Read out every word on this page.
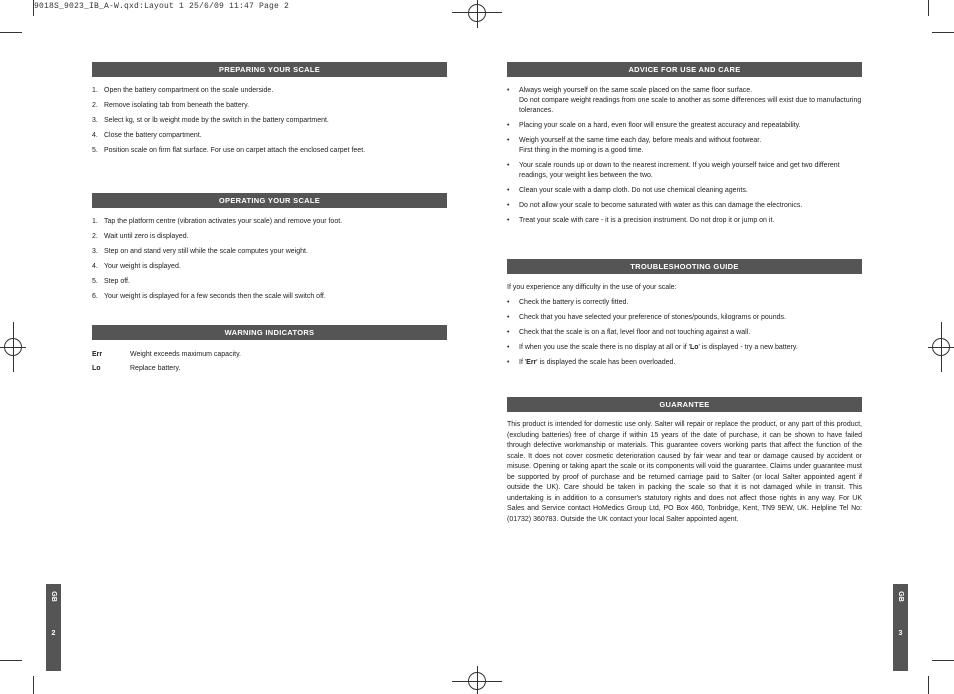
9018S_9023_IB_A-W.qxd:Layout 1 25/6/09 11:47 Page 2
PREPARING YOUR SCALE
1. Open the battery compartment on the scale underside.
2. Remove isolating tab from beneath the battery.
3. Select kg, st or lb weight mode by the switch in the battery compartment.
4. Close the battery compartment.
5. Position scale on firm flat surface. For use on carpet attach the enclosed carpet feet.
OPERATING YOUR SCALE
1. Tap the platform centre (vibration activates your scale) and remove your foot.
2. Wait until zero is displayed.
3. Step on and stand very still while the scale computes your weight.
4. Your weight is displayed.
5. Step off.
6. Your weight is displayed for a few seconds then the scale will switch off.
WARNING INDICATORS
Err	Weight exceeds maximum capacity.
Lo	Replace battery.
GB
2
ADVICE FOR USE AND CARE
• Always weigh yourself on the same scale placed on the same floor surface.
Do not compare weight readings from one scale to another as some differences will exist due to manufacturing tolerances.
• Placing your scale on a hard, even floor will ensure the greatest accuracy and repeatability.
• Weigh yourself at the same time each day, before meals and without footwear.
First thing in the morning is a good time.
• Your scale rounds up or down to the nearest increment. If you weigh yourself twice and get two different readings, your weight lies between the two.
• Clean your scale with a damp cloth. Do not use chemical cleaning agents.
• Do not allow your scale to become saturated with water as this can damage the electronics.
• Treat your scale with care - it is a precision instrument. Do not drop it or jump on it.
TROUBLESHOOTING GUIDE

If you experience any difficulty in the use of your scale:

• Check the battery is correctly fitted.
• Check that you have selected your preference of stones/pounds, kilograms or pounds.
• Check that the scale is on a flat, level floor and not touching against a wall.
• If when you use the scale there is no display at all or if 'Lo' is displayed - try a new battery.
• If 'Err' is displayed the scale has been overloaded.
GUARANTEE

This product is intended for domestic use only. Salter will repair or replace the product, or any part of this product, (excluding batteries) free of charge if within 15 years of the date of purchase, it can be shown to have failed through defective workmanship or materials. This guarantee covers working parts that affect the function of the scale. It does not cover cosmetic deterioration caused by fair wear and tear or damage caused by accident or misuse. Opening or taking apart the scale or its components will void the guarantee. Claims under guarantee must be supported by proof of purchase and be returned carriage paid to Salter (or local Salter appointed agent if outside the UK). Care should be taken in packing the scale so that it is not damaged while in transit. This undertaking is in addition to a consumer's statutory rights and does not affect those rights in any way. For UK Sales and Service contact HoMedics Group Ltd, PO Box 460, Tonbridge, Kent, TN9 9EW, UK. Helpline Tel No: (01732) 360783. Outside the UK contact your local Salter appointed agent.

GB
3
